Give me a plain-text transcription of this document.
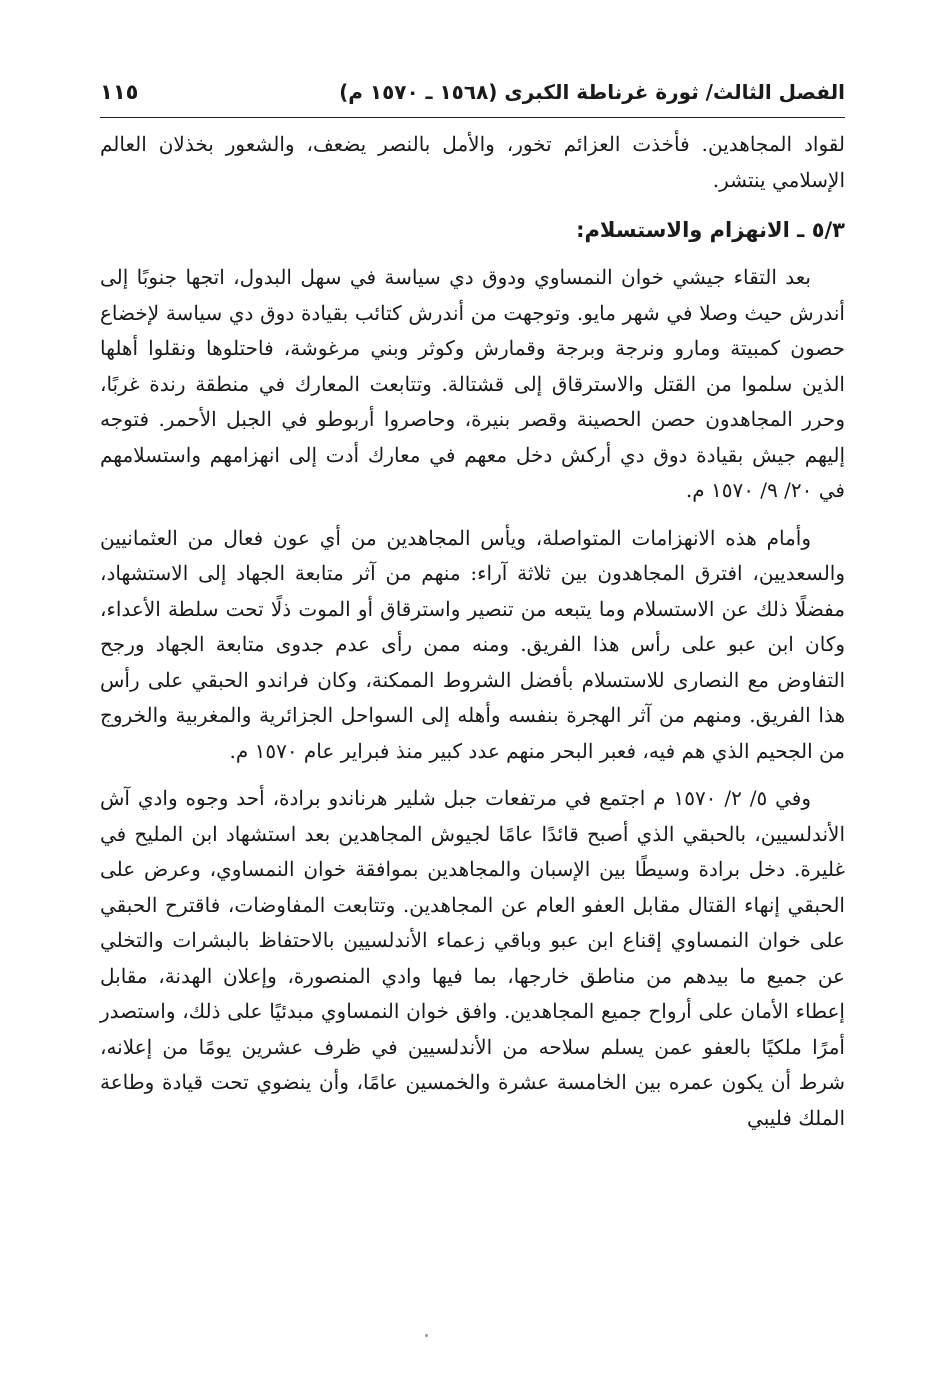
الفصل الثالث/ ثورة غرناطة الكبرى (١٥٦٨ ـ ١٥٧٠ م)
١١٥

لقواد المجاهدين. فأخذت العزائم تخور، والأمل بالنصر يضعف، والشعور بخذلان العالم الإسلامي ينتشر.

٥/٣ ـ الانهزام والاستسلام:

بعد التقاء جيشي خوان النمساوي ودوق دي سياسة في سهل البدول، اتجها جنوبًا إلى أندرش حيث وصلا في شهر مايو. وتوجهت من أندرش كتائب بقيادة دوق دي سياسة لإخضاع حصون كمبيتة ومارو ونرجة وبرجة وقمارش وكوثر وبني مرغوشة، فاحتلوها ونقلوا أهلها الذين سلموا من القتل والاسترقاق إلى قشتالة. وتتابعت المعارك في منطقة رندة غربًا، وحرر المجاهدون حصن الحصينة وقصر بنيرة، وحاصروا أربوطو في الجبل الأحمر. فتوجه إليهم جيش بقيادة دوق دي أركش دخل معهم في معارك أدت إلى انهزامهم واستسلامهم في ٢٠/ ٩/ ١٥٧٠ م.

وأمام هذه الانهزامات المتواصلة، ويأس المجاهدين من أي عون فعال من العثمانيين والسعديين، افترق المجاهدون بين ثلاثة آراء: منهم من آثر متابعة الجهاد إلى الاستشهاد، مفضلًا ذلك عن الاستسلام وما يتبعه من تنصير واسترقاق أو الموت ذلًا تحت سلطة الأعداء، وكان ابن عبو على رأس هذا الفريق. ومنه ممن رأى عدم جدوى متابعة الجهاد ورجح التفاوض مع النصارى للاستسلام بأفضل الشروط الممكنة، وكان فراندو الحبقي على رأس هذا الفريق. ومنهم من آثر الهجرة بنفسه وأهله إلى السواحل الجزائرية والمغربية والخروج من الجحيم الذي هم فيه، فعبر البحر منهم عدد كبير منذ فبراير عام ١٥٧٠ م.

وفي ٥/ ٢/ ١٥٧٠ م اجتمع في مرتفعات جبل شلير هرناندو برادة، أحد وجوه وادي آش الأندلسيين، بالحبقي الذي أصبح قائدًا عامًا لجيوش المجاهدين بعد استشهاد ابن المليح في غليرة. دخل برادة وسيطًا بين الإسبان والمجاهدين بموافقة خوان النمساوي، وعرض على الحبقي إنهاء القتال مقابل العفو العام عن المجاهدين. وتتابعت المفاوضات، فاقترح الحبقي على خوان النمساوي إقناع ابن عبو وباقي زعماء الأندلسيين بالاحتفاظ بالبشرات والتخلي عن جميع ما بيدهم من مناطق خارجها، بما فيها وادي المنصورة، وإعلان الهدنة، مقابل إعطاء الأمان على أرواح جميع المجاهدين. وافق خوان النمساوي مبدئيًا على ذلك، واستصدر أمرًا ملكيًا بالعفو عمن يسلم سلاحه من الأندلسيين في ظرف عشرين يومًا من إعلانه، شرط أن يكون عمره بين الخامسة عشرة والخمسين عامًا، وأن ينضوي تحت قيادة وطاعة الملك فليبي
